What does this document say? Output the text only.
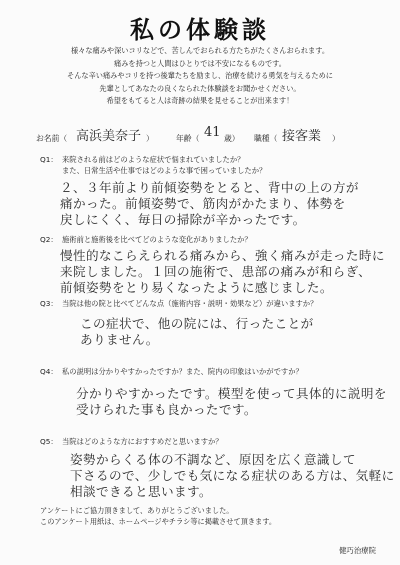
私の体験談
様々な痛みや深いコリなどで、苦しんでおられる方たちがたくさんおられます。
痛みを持つと人間はひとりでは不安になるものです。
そんな辛い痛みやコリを持つ後輩たちを励まし、治療を続ける勇気を与えるために
先輩としてあなたの良くなられた体験談をお聞かせください。
希望をもてると人は奇跡の結果を見せることが出来ます！
お名前（ 高浜美奈子 ）	年齢（ 41 歳） 職種（ 接客業 ）
Q1： 来院される前はどのような症状で悩まれていましたか？
また、日常生活や仕事ではどのような事で困っていましたか？
２、３年前より前傾姿勢をとると、背中の上の方が
痛かった。前傾姿勢で、筋肉がかたまり、体勢を
戻しにくく、毎日の掃除が辛かったです。
Q2： 施術前と施術後を比べてどのような変化がありましたか？
慢性的なこらえられる痛みから、強く痛みが走った時に
来院しました。１回の施術で、患部の痛みが和らぎ、
前傾姿勢をとり易くなったように感じました。
Q3： 当院は他の院と比べてどんな点（施術内容・説明・効果など）が違いますか？
この症状で、他の院には、行ったことが
ありません。
Q4： 私の説明は分かりやすかったですか？また、院内の印象はいかがですか？
分かりやすかったです。模型を使って具体的に説明を
受けられた事も良かったです。
Q5： 当院はどのような方におすすめだと思いますか？
姿勢からくる体の不調など、原因を広く意識して
下さるので、少しでも気になる症状のある方は、気軽に
相談できると思います。
アンケートにご協力頂きまして、ありがとうございました。
このアンケート用紙は、ホームページやチラシ等に掲載させて頂きます。
健巧治療院
